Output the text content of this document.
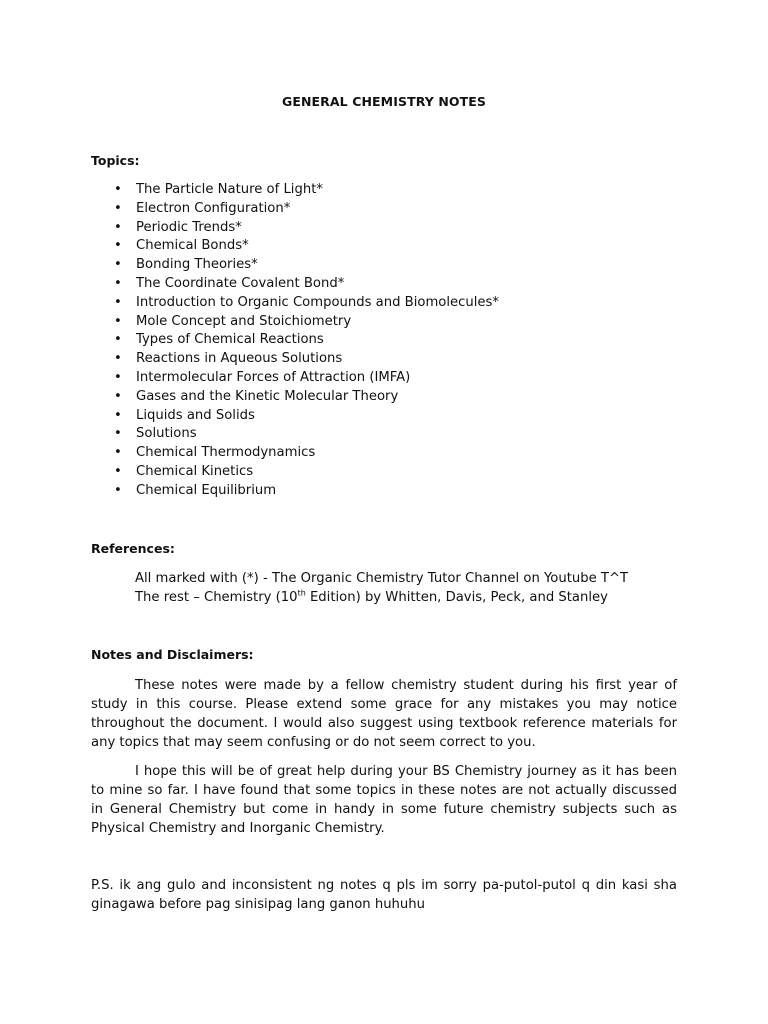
GENERAL CHEMISTRY NOTES
Topics:
• The Particle Nature of Light*
• Electron Configuration*
• Periodic Trends*
• Chemical Bonds*
• Bonding Theories*
• The Coordinate Covalent Bond*
• Introduction to Organic Compounds and Biomolecules*
• Mole Concept and Stoichiometry
• Types of Chemical Reactions
• Reactions in Aqueous Solutions
• Intermolecular Forces of Attraction (IMFA)
• Gases and the Kinetic Molecular Theory
• Liquids and Solids
• Solutions
• Chemical Thermodynamics
• Chemical Kinetics
• Chemical Equilibrium
References:
All marked with (*) - The Organic Chemistry Tutor Channel on Youtube T^T
The rest – Chemistry (10th Edition) by Whitten, Davis, Peck, and Stanley
Notes and Disclaimers:

These notes were made by a fellow chemistry student during his first year of study in this course. Please extend some grace for any mistakes you may notice throughout the document. I would also suggest using textbook reference materials for any topics that may seem confusing or do not seem correct to you.

I hope this will be of great help during your BS Chemistry journey as it has been to mine so far. I have found that some topics in these notes are not actually discussed in General Chemistry but come in handy in some future chemistry subjects such as Physical Chemistry and Inorganic Chemistry.

P.S. ik ang gulo and inconsistent ng notes q pls im sorry pa-putol-putol q din kasi sha ginagawa before pag sinisipag lang ganon huhuhu
